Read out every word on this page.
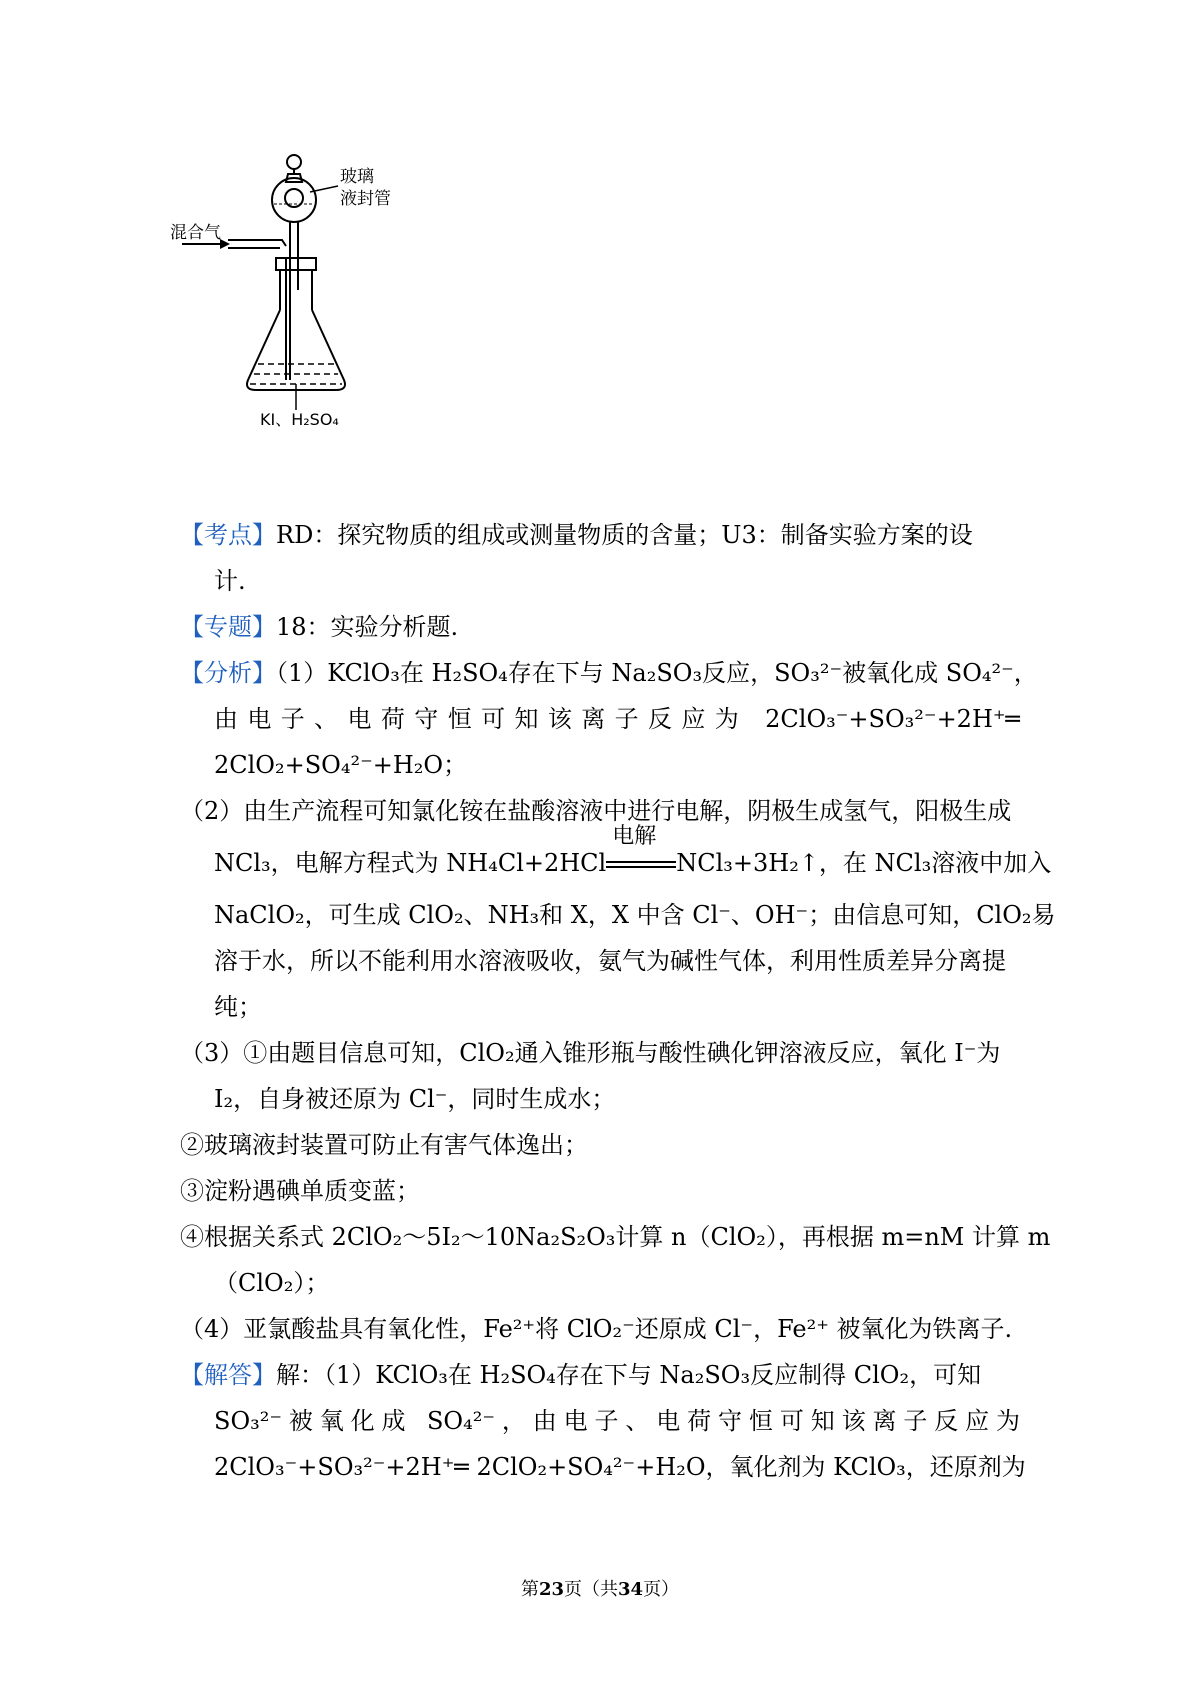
玻璃
液封管
混合气
KI、H₂SO₄
【考点】RD：探究物质的组成或测量物质的含量；U3：制备实验方案的设
计.
【专题】18：实验分析题.
【分析】（1）KClO₃在 H₂SO₄存在下与 Na₂SO₃反应，SO₃²⁻被氧化成 SO₄²⁻，
由电子、电荷守恒可知该离子反应为 2ClO₃⁻+SO₃²⁻+2H⁺═
2ClO₂+SO₄²⁻+H₂O；
（2）由生产流程可知氯化铵在盐酸溶液中进行电解，阴极生成氢气，阳极生成
NCl₃，电解方程式为 NH₄Cl+2HCl
电解
NCl₃+3H₂↑，在 NCl₃溶液中加入
NaClO₂，可生成 ClO₂、NH₃和 X，X 中含 Cl⁻、OH⁻；由信息可知，ClO₂易
溶于水，所以不能利用水溶液吸收，氨气为碱性气体，利用性质差异分离提
纯；
（3）①由题目信息可知，ClO₂通入锥形瓶与酸性碘化钾溶液反应，氧化 I⁻为
I₂，自身被还原为 Cl⁻，同时生成水；
②玻璃液封装置可防止有害气体逸出；
③淀粉遇碘单质变蓝；
④根据关系式 2ClO₂～5I₂～10Na₂S₂O₃计算 n（ClO₂），再根据 m=nM 计算 m
（ClO₂）；
（4）亚氯酸盐具有氧化性，Fe²⁺将 ClO₂⁻还原成 Cl⁻，Fe²⁺ 被氧化为铁离子.
【解答】解：（1）KClO₃在 H₂SO₄存在下与 Na₂SO₃反应制得 ClO₂，可知
SO₃²⁻被氧化成 SO₄²⁻，由电子、电荷守恒可知该离子反应为
2ClO₃⁻+SO₃²⁻+2H⁺═ 2ClO₂+SO₄²⁻+H₂O，氧化剂为 KClO₃，还原剂为
第23页（共34页）
